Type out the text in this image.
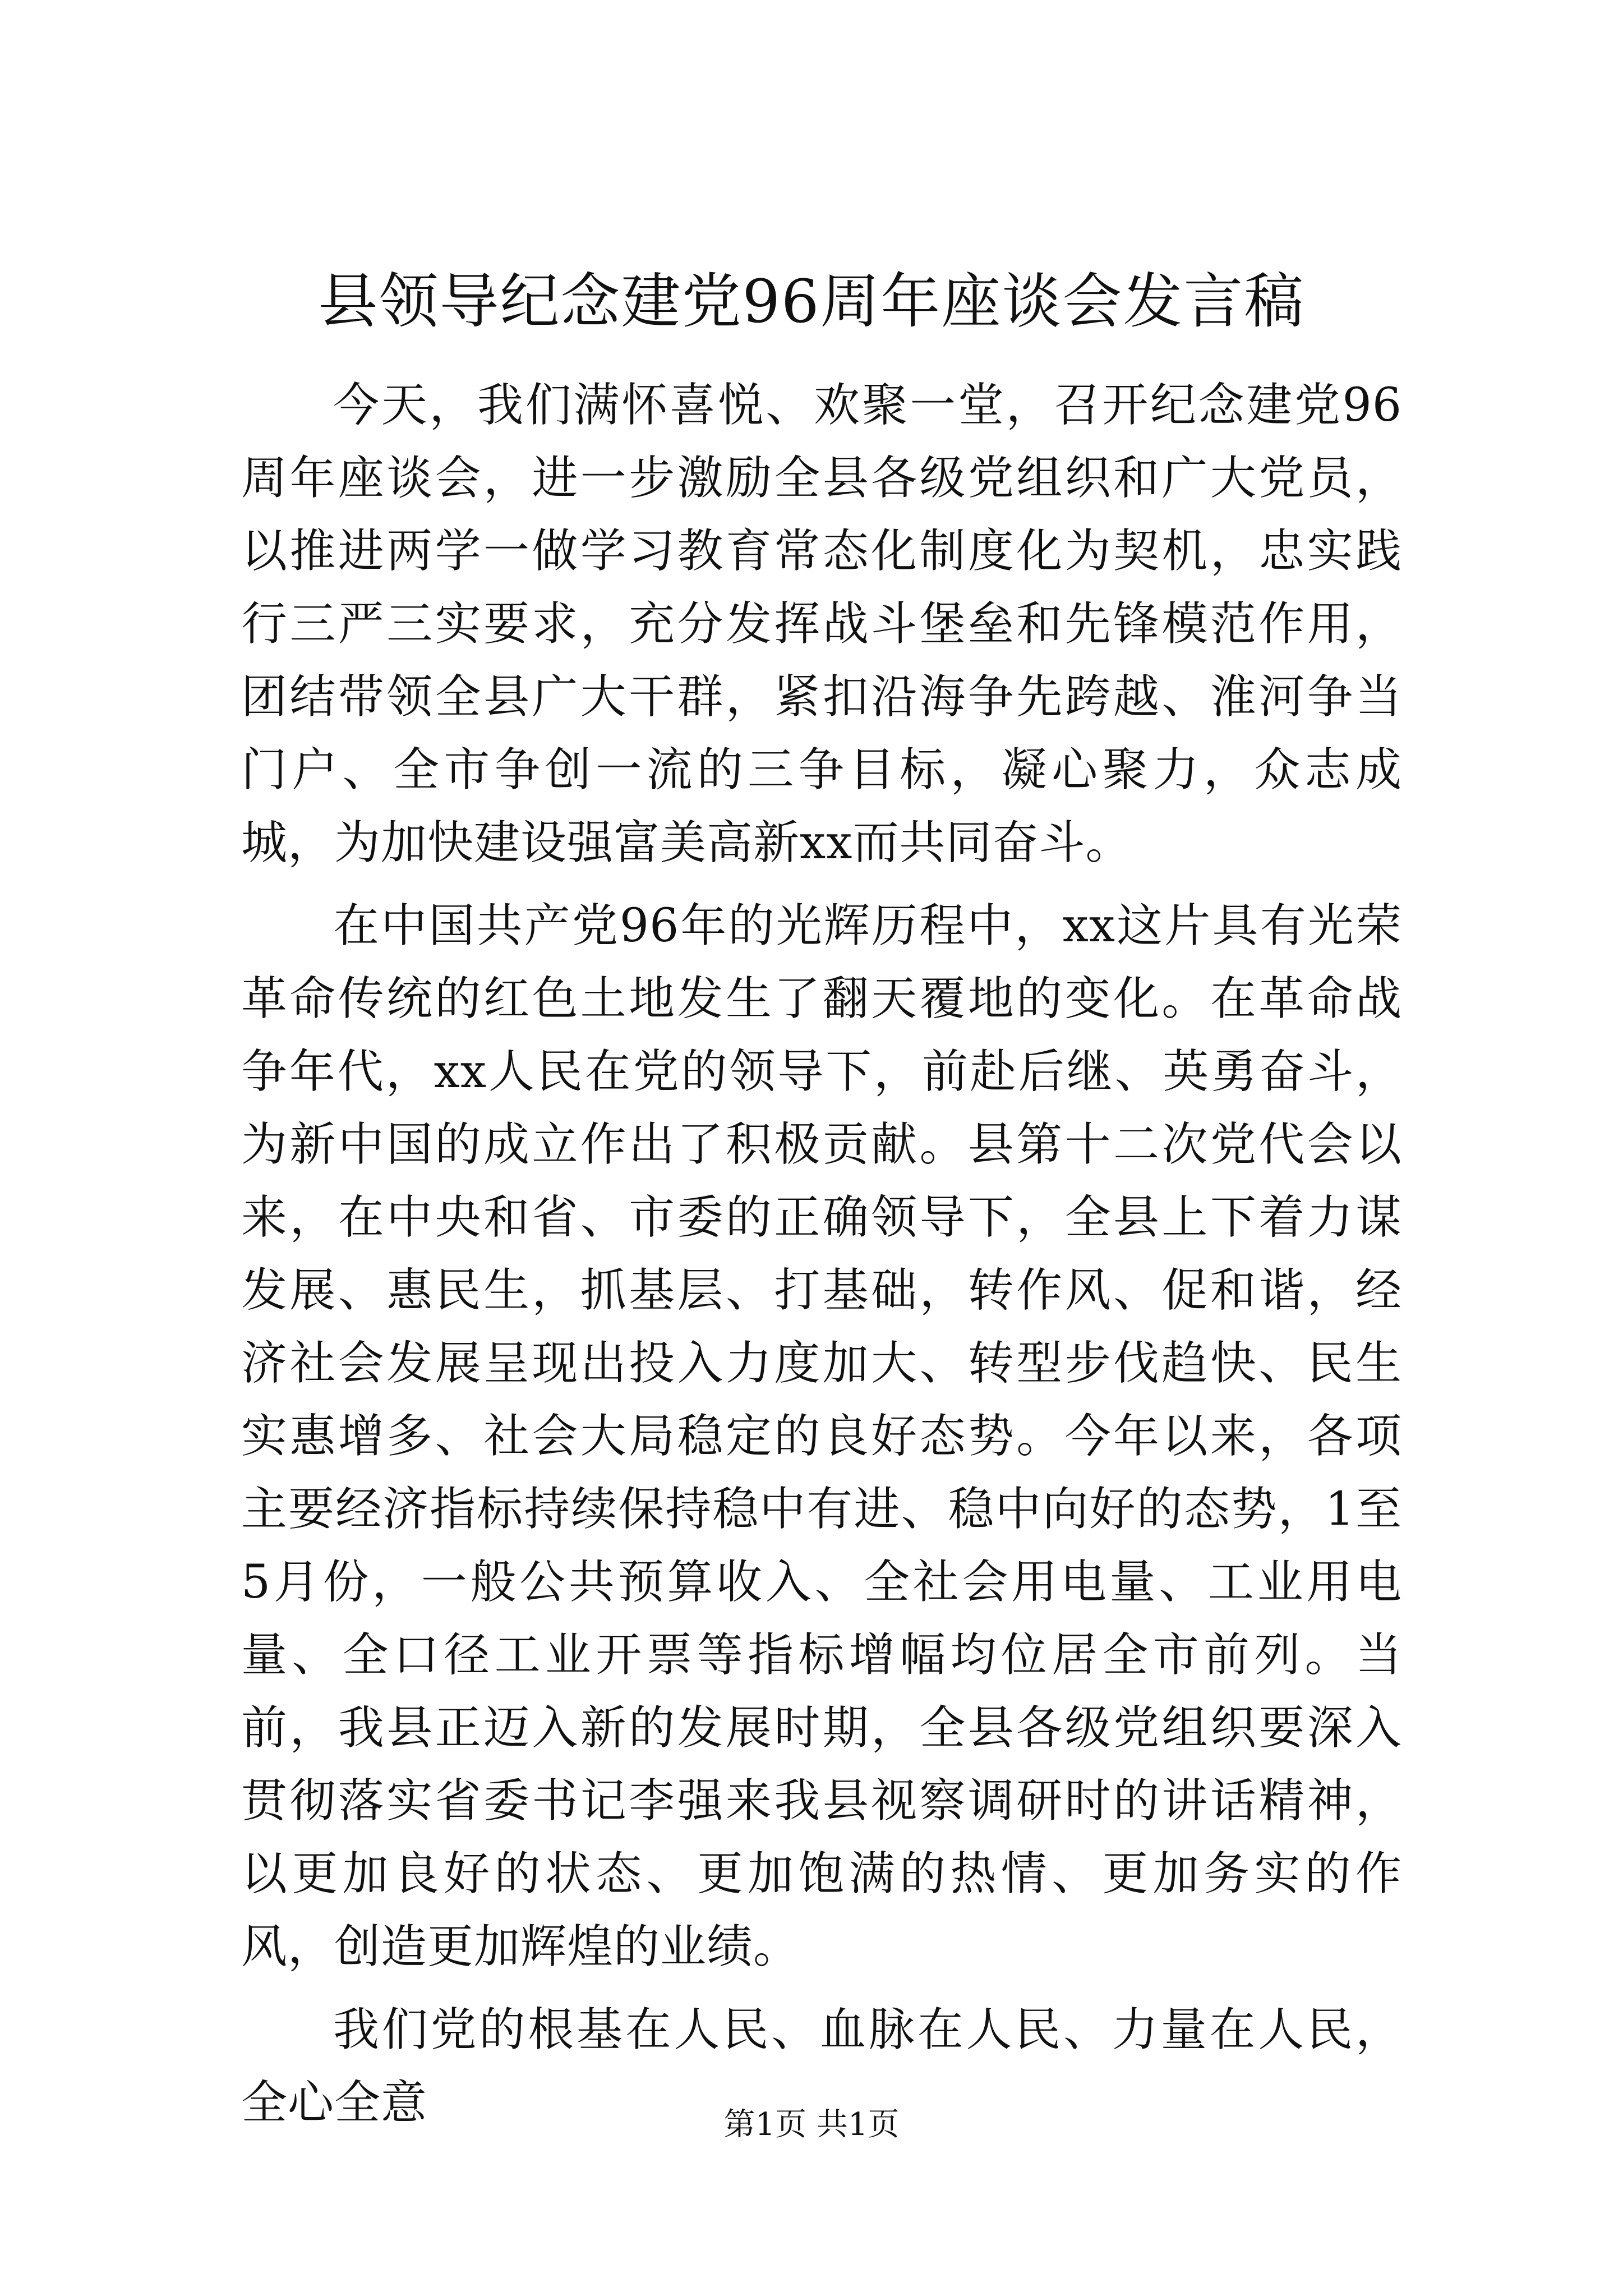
县领导纪念建党96周年座谈会发言稿

今天，我们满怀喜悦、欢聚一堂，召开纪念建党96周年座谈会，进一步激励全县各级党组织和广大党员，以推进两学一做学习教育常态化制度化为契机，忠实践行三严三实要求，充分发挥战斗堡垒和先锋模范作用，团结带领全县广大干群，紧扣沿海争先跨越、淮河争当门户、全市争创一流的三争目标，凝心聚力，众志成城，为加快建设强富美高新xx而共同奋斗。

在中国共产党96年的光辉历程中，xx这片具有光荣革命传统的红色土地发生了翻天覆地的变化。在革命战争年代，xx人民在党的领导下，前赴后继、英勇奋斗，为新中国的成立作出了积极贡献。县第十二次党代会以来，在中央和省、市委的正确领导下，全县上下着力谋发展、惠民生，抓基层、打基础，转作风、促和谐，经济社会发展呈现出投入力度加大、转型步伐趋快、民生实惠增多、社会大局稳定的良好态势。今年以来，各项主要经济指标持续保持稳中有进、稳中向好的态势，1至5月份，一般公共预算收入、全社会用电量、工业用电量、全口径工业开票等指标增幅均位居全市前列。当前，我县正迈入新的发展时期，全县各级党组织要深入贯彻落实省委书记李强来我县视察调研时的讲话精神，以更加良好的状态、更加饱满的热情、更加务实的作风，创造更加辉煌的业绩。

我们党的根基在人民、血脉在人民、力量在人民，全心全意	第1页 共1页
